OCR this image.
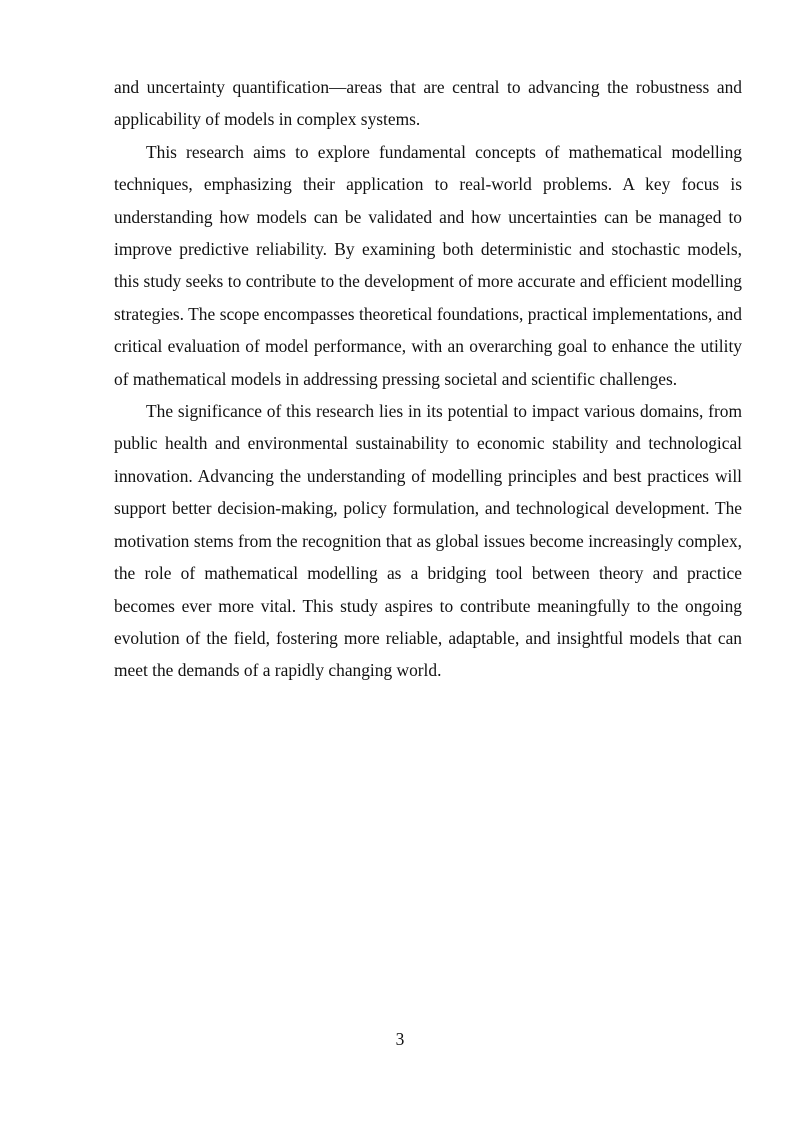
and uncertainty quantification—areas that are central to advancing the robustness and applicability of models in complex systems.

This research aims to explore fundamental concepts of mathematical modelling techniques, emphasizing their application to real-world problems. A key focus is understanding how models can be validated and how uncertainties can be managed to improve predictive reliability. By examining both deterministic and stochastic models, this study seeks to contribute to the development of more accurate and efficient modelling strategies. The scope encompasses theoretical foundations, practical implementations, and critical evaluation of model performance, with an overarching goal to enhance the utility of mathematical models in addressing pressing societal and scientific challenges.

The significance of this research lies in its potential to impact various domains, from public health and environmental sustainability to economic stability and technological innovation. Advancing the understanding of modelling principles and best practices will support better decision-making, policy formulation, and technological development. The motivation stems from the recognition that as global issues become increasingly complex, the role of mathematical modelling as a bridging tool between theory and practice becomes ever more vital. This study aspires to contribute meaningfully to the ongoing evolution of the field, fostering more reliable, adaptable, and insightful models that can meet the demands of a rapidly changing world.

3
